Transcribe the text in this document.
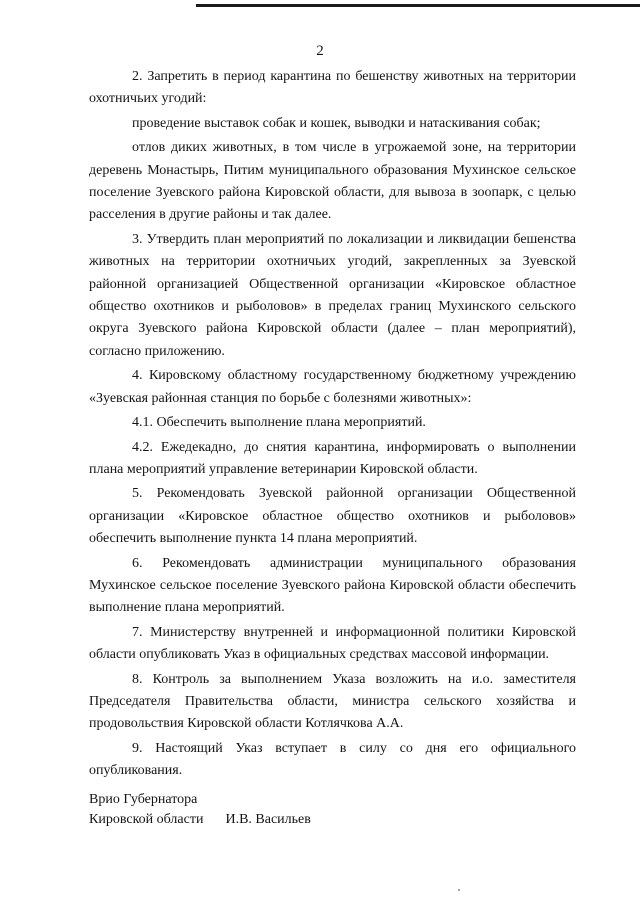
2

2. Запретить в период карантина по бешенству животных на территории охотничьих угодий:

проведение выставок собак и кошек, выводки и натаскивания собак;

отлов диких животных, в том числе в угрожаемой зоне, на территории деревень Монастырь, Питим муниципального образования Мухинское сельское поселение Зуевского района Кировской области, для вывоза в зоопарк, с целью расселения в другие районы и так далее.

3. Утвердить план мероприятий по локализации и ликвидации бешенства животных на территории охотничьих угодий, закрепленных за Зуевской районной организацией Общественной организации «Кировское областное общество охотников и рыболовов» в пределах границ Мухинского сельского округа Зуевского района Кировской области (далее – план мероприятий), согласно приложению.

4. Кировскому областному государственному бюджетному учреждению «Зуевская районная станция по борьбе с болезнями животных»:

4.1. Обеспечить выполнение плана мероприятий.

4.2. Ежедекадно, до снятия карантина, информировать о выполнении плана мероприятий управление ветеринарии Кировской области.

5. Рекомендовать Зуевской районной организации Общественной организации «Кировское областное общество охотников и рыболовов» обеспечить выполнение пункта 14 плана мероприятий.

6. Рекомендовать администрации муниципального образования Мухинское сельское поселение Зуевского района Кировской области обеспечить выполнение плана мероприятий.

7. Министерству внутренней и информационной политики Кировской области опубликовать Указ в официальных средствах массовой информации.

8. Контроль за выполнением Указа возложить на и.о. заместителя Председателя Правительства области, министра сельского хозяйства и продовольствия Кировской области Котлячкова А.А.

9. Настоящий Указ вступает в силу со дня его официального опубликования.

Врио Губернатора
Кировской области И.В. Васильев
